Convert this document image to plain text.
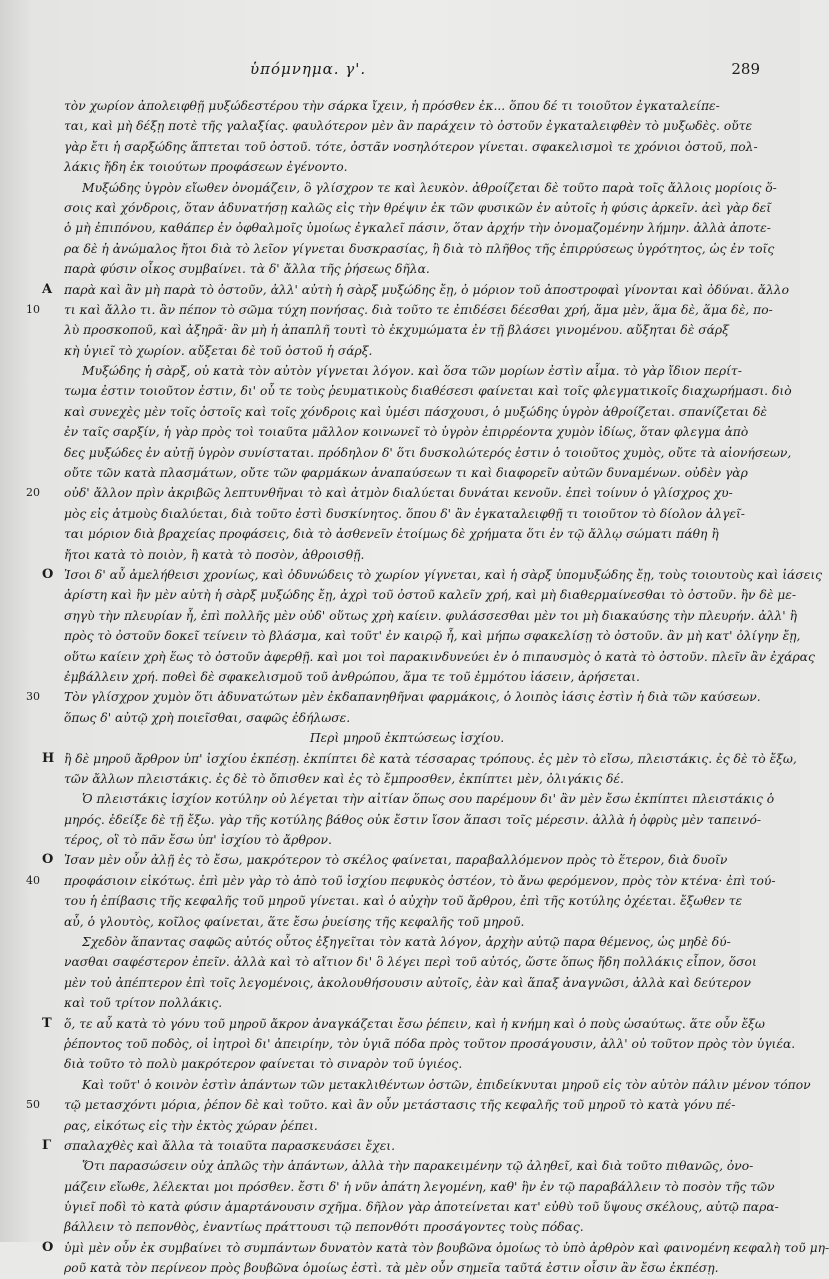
ὑπόμνημα. γ'.	289
τὸν χωρίον ἀπολειφθῇ μυξώδεστέρου τὴν σάρκα ἴχειν, ἡ πρόσθεν ἐκ... ὅπου δέ τι τοιοῦτον ἐγκαταλείπε-
ται, καὶ μὴ δέξῃ ποτὲ τῆς γαλαξίας. φαυλότερον μὲν ἂν παράχειν τὸ ὀστοῦν ἐγκαταλειφθὲν τὸ μυξωδὲς. οὔτε
γὰρ ἔτι ἡ σαρξώδης ἅπτεται τοῦ ὀστοῦ. τότε, ὀστᾶν νοσηλότερον γίνεται. σφακελισμοὶ τε χρόνιοι ὀστοῦ, πολ-
λάκις ἤδη ἐκ τοιούτων προφάσεων ἐγένοντο.
Μυξώδης ὑγρὸν εἴωθεν ὀνομάζειν, ὃ γλίσχρον τε καὶ λευκὸν. ἀθροίζεται δὲ τοῦτο παρὰ τοῖς ἄλλοις μορίοις ὅ-
σοις καὶ χόνδροις, ὅταν ἀδυνατήσῃ καλῶς εἰς τὴν θρέψιν ἐκ τῶν φυσικῶν ἐν αὐτοῖς ἡ φύσις ἀρκεῖν. ἀεὶ γὰρ δεῖ
ὁ μὴ ἐπιπόνου, καθάπερ ἐν ὀφθαλμοῖς ὑμοίως ἐγκαλεῖ πάσιν, ὅταν ἀρχήν τὴν ὀνομαζομένην λήμην. ἀλλὰ ἀποτε-
ρα δὲ ἡ ἀνώμαλος ἤτοι διὰ τὸ λεῖον γίγνεται δυσκρασίας, ἢ διὰ τὸ πλῆθος τῆς ἐπιρρύσεως ὑγρότητος, ὡς ἐν τοῖς
παρὰ φύσιν οἶκος συμβαίνει. τὰ δ' ἄλλα τῆς ῥήσεως δῆλα.
A παρὰ καὶ ἂν μὴ παρὰ τὸ ὀστοῦν, ἀλλ' αὐτὴ ἡ σὰρξ μυξώδης ἔῃ, ὁ μόριον τοῦ ἀποστροφαὶ γίνονται καὶ ὀδύναι. ἄλλο
10 τι καὶ ἄλλο τι. ἂν πέπον τὸ σῶμα τύχη πονήσας. διὰ τοῦτο τε ἐπιδέσει δέεσθαι χρή, ἅμα μὲν, ἅμα δὲ, ἅμα δὲ, πο-
λὺ προσκοποῦ, καὶ ἀξηρᾶ· ἂν μὴ ἡ ἀπαπλῆ τουτὶ τὸ ἐκχυμώματα ἐν τῇ βλάσει γινομένου. αὔξηται δὲ σάρξ
κὴ ὑγιεῖ τὸ χωρίον. αὔξεται δὲ τοῦ ὀστοῦ ἡ σάρξ.
Μυξώδης ἡ σὰρξ, οὐ κατὰ τὸν αὐτὸν γίγνεται λόγον. καὶ ὅσα τῶν μορίων ἐστὶν αἷμα. τὸ γὰρ ἴδιον περίτ-
τωμα ἐστιν τοιοῦτον ἐστιν, δι' οὗ τε τοὺς ῥευματικοὺς διαθέσεσι φαίνεται καὶ τοῖς φλεγματικοῖς διαχωρήμασι. διὸ
καὶ συνεχὲς μὲν τοῖς ὀστοῖς καὶ τοῖς χόνδροις καὶ ὑμέσι πάσχουσι, ὁ μυξώδης ὑγρὸν ἀθροίζεται. σπανίζεται δὲ
ἐν ταῖς σαρξίν, ἡ γὰρ πρὸς τοὶ τοιαῦτα μᾶλλον κοινωνεῖ τὸ ὑγρὸν ἐπιρρέοντα χυμὸν ἰδίως, ὅταν φλεγμα ἀπὸ
δες μυξώδες ἐν αὐτῇ ὑγρὸν συνίσταται. πρόδηλον δ' ὅτι δυσκολώτερός ἐστιν ὁ τοιοῦτος χυμὸς, οὔτε τὰ αἰονήσεων,
οὔτε τῶν κατὰ πλασμάτων, οὔτε τῶν φαρμάκων ἀναπαύσεων τι καὶ διαφορεῖν αὐτῶν δυναμένων. οὐδὲν γὰρ
20 οὐδ' ἄλλον πρὶν ἀκριβῶς λεπτυνθῆναι τὸ καὶ ἀτμὸν διαλύεται δυνάται κενοῦν. ἐπεὶ τοίνυν ὁ γλίσχρος χυ-
μὸς εἰς ἀτμοὺς διαλύεται, διὰ τοῦτο ἐστὶ δυσκίνητος. ὅπου δ' ἂν ἐγκαταλειφθῇ τι τοιοῦτον τὸ δίολον ἀλγεῖ-
ται μόριον διὰ βραχείας προφάσεις, διὰ τὸ ἀσθενεῖν ἐτοίμως δὲ χρήματα ὅτι ἐν τῷ ἄλλῳ σώματι πάθη ἢ
ἤτοι κατὰ τὸ ποιὸν, ἢ κατὰ τὸ ποσὸν, ἀθροισθῇ.
O Ἰσοι δ' αὖ ἀμελήθεισι χρονίως, καὶ ὀδυνώδεις τὸ χωρίον γίγνεται, καὶ ἡ σὰρξ ὑπομυξώδης ἔῃ, τοὺς τοιουτοὺς καὶ ἰάσεις
ἀρίστη καὶ ἣν μὲν αὐτὴ ἡ σὰρξ μυξώδης ἔῃ, ἀχρὶ τοῦ ὀστοῦ καλεῖν χρή, καὶ μὴ διαθερμαίνεσθαι τὸ ὀστοῦν. ἢν δὲ με-
σηγὺ τὴν πλευρίαν ἦ, ἐπὶ πολλῆς μὲν οὐδ' οὕτως χρὴ καίειν. φυλάσσεσθαι μὲν τοι μὴ διακαύσης τὴν πλευρήν. ἀλλ' ἢ
πρὸς τὸ ὀστοῦν δοκεῖ τείνειν τὸ βλάσμα, καὶ τοῦτ' ἐν καιρῷ ἦ, καὶ μήπω σφακελίσῃ τὸ ὀστοῦν. ἂν μὴ κατ' ὀλίγην ἔῃ,
οὕτω καίειν χρὴ ἕως τὸ ὀστοῦν ἀφερθῇ. καὶ μοι τοὶ παρακινδυνεύει ἐν ὁ πιπαυσμὸς ὁ κατὰ τὸ ὀστοῦν. πλεῖν ἂν ἐχάρας
ἐμβάλλειν χρή. ποθεὶ δὲ σφακελισμοῦ τοῦ ἀνθρώπου, ἅμα τε τοῦ ἐμμότου ἰάσειν, ἀρήσεται.
30 Τὸν γλίσχρον χυμὸν ὅτι ἀδυνατώτων μὲν ἐκδαπανηθῆναι φαρμάκοις, ὁ λοιπὸς ἰάσις ἐστὶν ἡ διὰ τῶν καύσεων.
ὅπως δ' αὐτῷ χρὴ ποιεῖσθαι, σαφῶς ἐδήλωσε.
Περὶ μηροῦ ἐκπτώσεως ἰσχίου.
H ἢ δὲ μηροῦ ἄρθρον ὑπ' ἰσχίου ἐκπέσῃ. ἐκπίπτει δὲ κατὰ τέσσαρας τρόπους. ἐς μὲν τὸ εἴσω, πλειστάκις. ἐς δὲ τὸ ἔξω,
τῶν ἄλλων πλειστάκις. ἐς δὲ τὸ ὄπισθεν καὶ ἐς τὸ ἔμπροσθεν, ἐκπίπτει μὲν, ὀλιγάκις δέ.
Ὁ πλειστάκις ἰσχίον κοτύλην οὐ λέγεται τὴν αἰτίαν ὅπως σου παρέμουν δι' ἂν μὲν ἔσω ἐκπίπτει πλειστάκις ὁ
μηρός. ἐδείξε δὲ τῇ ἔξω. γὰρ τῆς κοτύλης βάθος οὐκ ἔστιν ἴσον ἅπασι τοῖς μέρεσιν. ἀλλὰ ἡ ὀφρὺς μὲν ταπεινό-
τέρος, οἳ τὸ πᾶν ἔσω ὑπ' ἰσχίου τὸ ἄρθρον.
O Ἰσαν μὲν οὖν ἀλῇ ἐς τὸ ἔσω, μακρότερον τὸ σκέλος φαίνεται, παραβαλλόμενον πρὸς τὸ ἕτερον, διὰ δυοῖν
40 προφάσιοιν εἰκότως. ἐπὶ μὲν γὰρ τὸ ἀπὸ τοῦ ἰσχίου πεφυκὸς ὀστέον, τὸ ἄνω φερόμενον, πρὸς τὸν κτένα· ἐπὶ τού-
του ἡ ἐπίβασις τῆς κεφαλῆς τοῦ μηροῦ γίνεται. καὶ ὁ αὐχὴν τοῦ ἄρθρου, ἐπὶ τῆς κοτύλης ὀχέεται. ἔξωθεν τε
αὖ, ὁ γλουτὸς, κοῖλος φαίνεται, ἅτε ἔσω ῥυείσης τῆς κεφαλῆς τοῦ μηροῦ.
Σχεδὸν ἅπαντας σαφῶς αὐτός οὗτος ἐξηγεῖται τὸν κατὰ λόγον, ἀρχὴν αὐτῷ παρα θέμενος, ὡς μηδὲ δύ-
νασθαι σαφέστερον ἐπεῖν. ἀλλὰ καὶ τὸ αἴτιον δι' ὃ λέγει περὶ τοῦ αὐτός, ὥστε ὅπως ἤδη πολλάκις εἶπον, ὅσοι
μὲν τοὐ ἀπέπτερον ἐπὶ τοῖς λεγομένοις, ἀκολουθήσουσιν αὐτοῖς, ἐὰν καὶ ἅπαξ ἀναγνῶσι, ἀλλὰ καὶ δεύτερον
καὶ τοῦ τρίτον πολλάκις.
T	ὅ, τε αὖ κατὰ τὸ γόνυ τοῦ μηροῦ ἄκρον ἀναγκάζεται ἔσω ῥέπειν, καὶ ἡ κνήμη καὶ ὁ ποὺς ὡσαύτως. ἅτε οὖν ἔξω
ῥέποντος τοῦ ποδὸς, οἱ ἰητροὶ δι' ἀπειρίην, τὸν ὑγιᾶ πόδα πρὸς τοῦτον προσάγουσιν, ἀλλ' οὐ τοῦτον πρὸς τὸν ὑγιέα.
διὰ τοῦτο τὸ πολὺ μακρότερον φαίνεται τὸ σιναρὸν τοῦ ὑγιέος.
Καὶ τοῦτ' ὁ κοινὸν ἐστὶν ἁπάντων τῶν μετακλιθέντων ὀστῶν, ἐπιδείκνυται μηροῦ εἰς τὸν αὐτὸν πάλιν μένον τόπον
50 τῷ μετασχόντι μόρια, ῥέπον δὲ καὶ τοῦτο. καὶ ἂν οὖν μετάστασις τῆς κεφαλῆς τοῦ μηροῦ τὸ κατὰ γόνυ πέ-
ρας, εἰκότως εἰς τὴν ἐκτὸς χώραν ῥέπει.
Γ	σπαλαχθὲς καὶ ἄλλα τὰ τοιαῦτα παρασκευάσει ἔχει.
Ὅτι παρασώσειν οὐχ ἁπλῶς τὴν ἁπάντων, ἀλλὰ τὴν παρακειμένην τῷ ἀληθεῖ, καὶ διὰ τοῦτο πιθανῶς, ὀνο-
μάζειν εἴωθε, λέλεκται μοι πρόσθεν. ἔστι δ' ἡ νῦν ἀπάτη λεγομένη, καθ' ἣν ἐν τῷ παραβάλλειν τὸ ποσὸν τῆς τῶν
ὑγιεῖ ποδὶ τὸ κατὰ φύσιν ἁμαρτάνουσιν σχῆμα. δῆλον γὰρ ἀποτείνεται κατ' εὐθὺ τοῦ ὕψους σκέλους, αὐτῷ παρα-
βάλλειν τὸ πεπονθὸς, ἐναντίως πράττουσι τῷ πεπονθότι προσάγοντες τοὺς πόδας.
O ὑμὶ μὲν οὖν ἐκ συμβαίνει τὸ συμπάντων δυνατὸν κατὰ τὸν βουβῶνα ὁμοίως τὸ ὑπὸ ἀρθρὸν καὶ φαινομένη κεφαλὴ τοῦ μη-
ροῦ κατὰ τὸν περίνεον πρὸς βουβῶνα ὁμοίως ἐστὶ. τὰ μὲν οὖν σημεῖα ταῦτά ἐστιν οἷσιν ἂν ἔσω ἐκπέσῃ.
